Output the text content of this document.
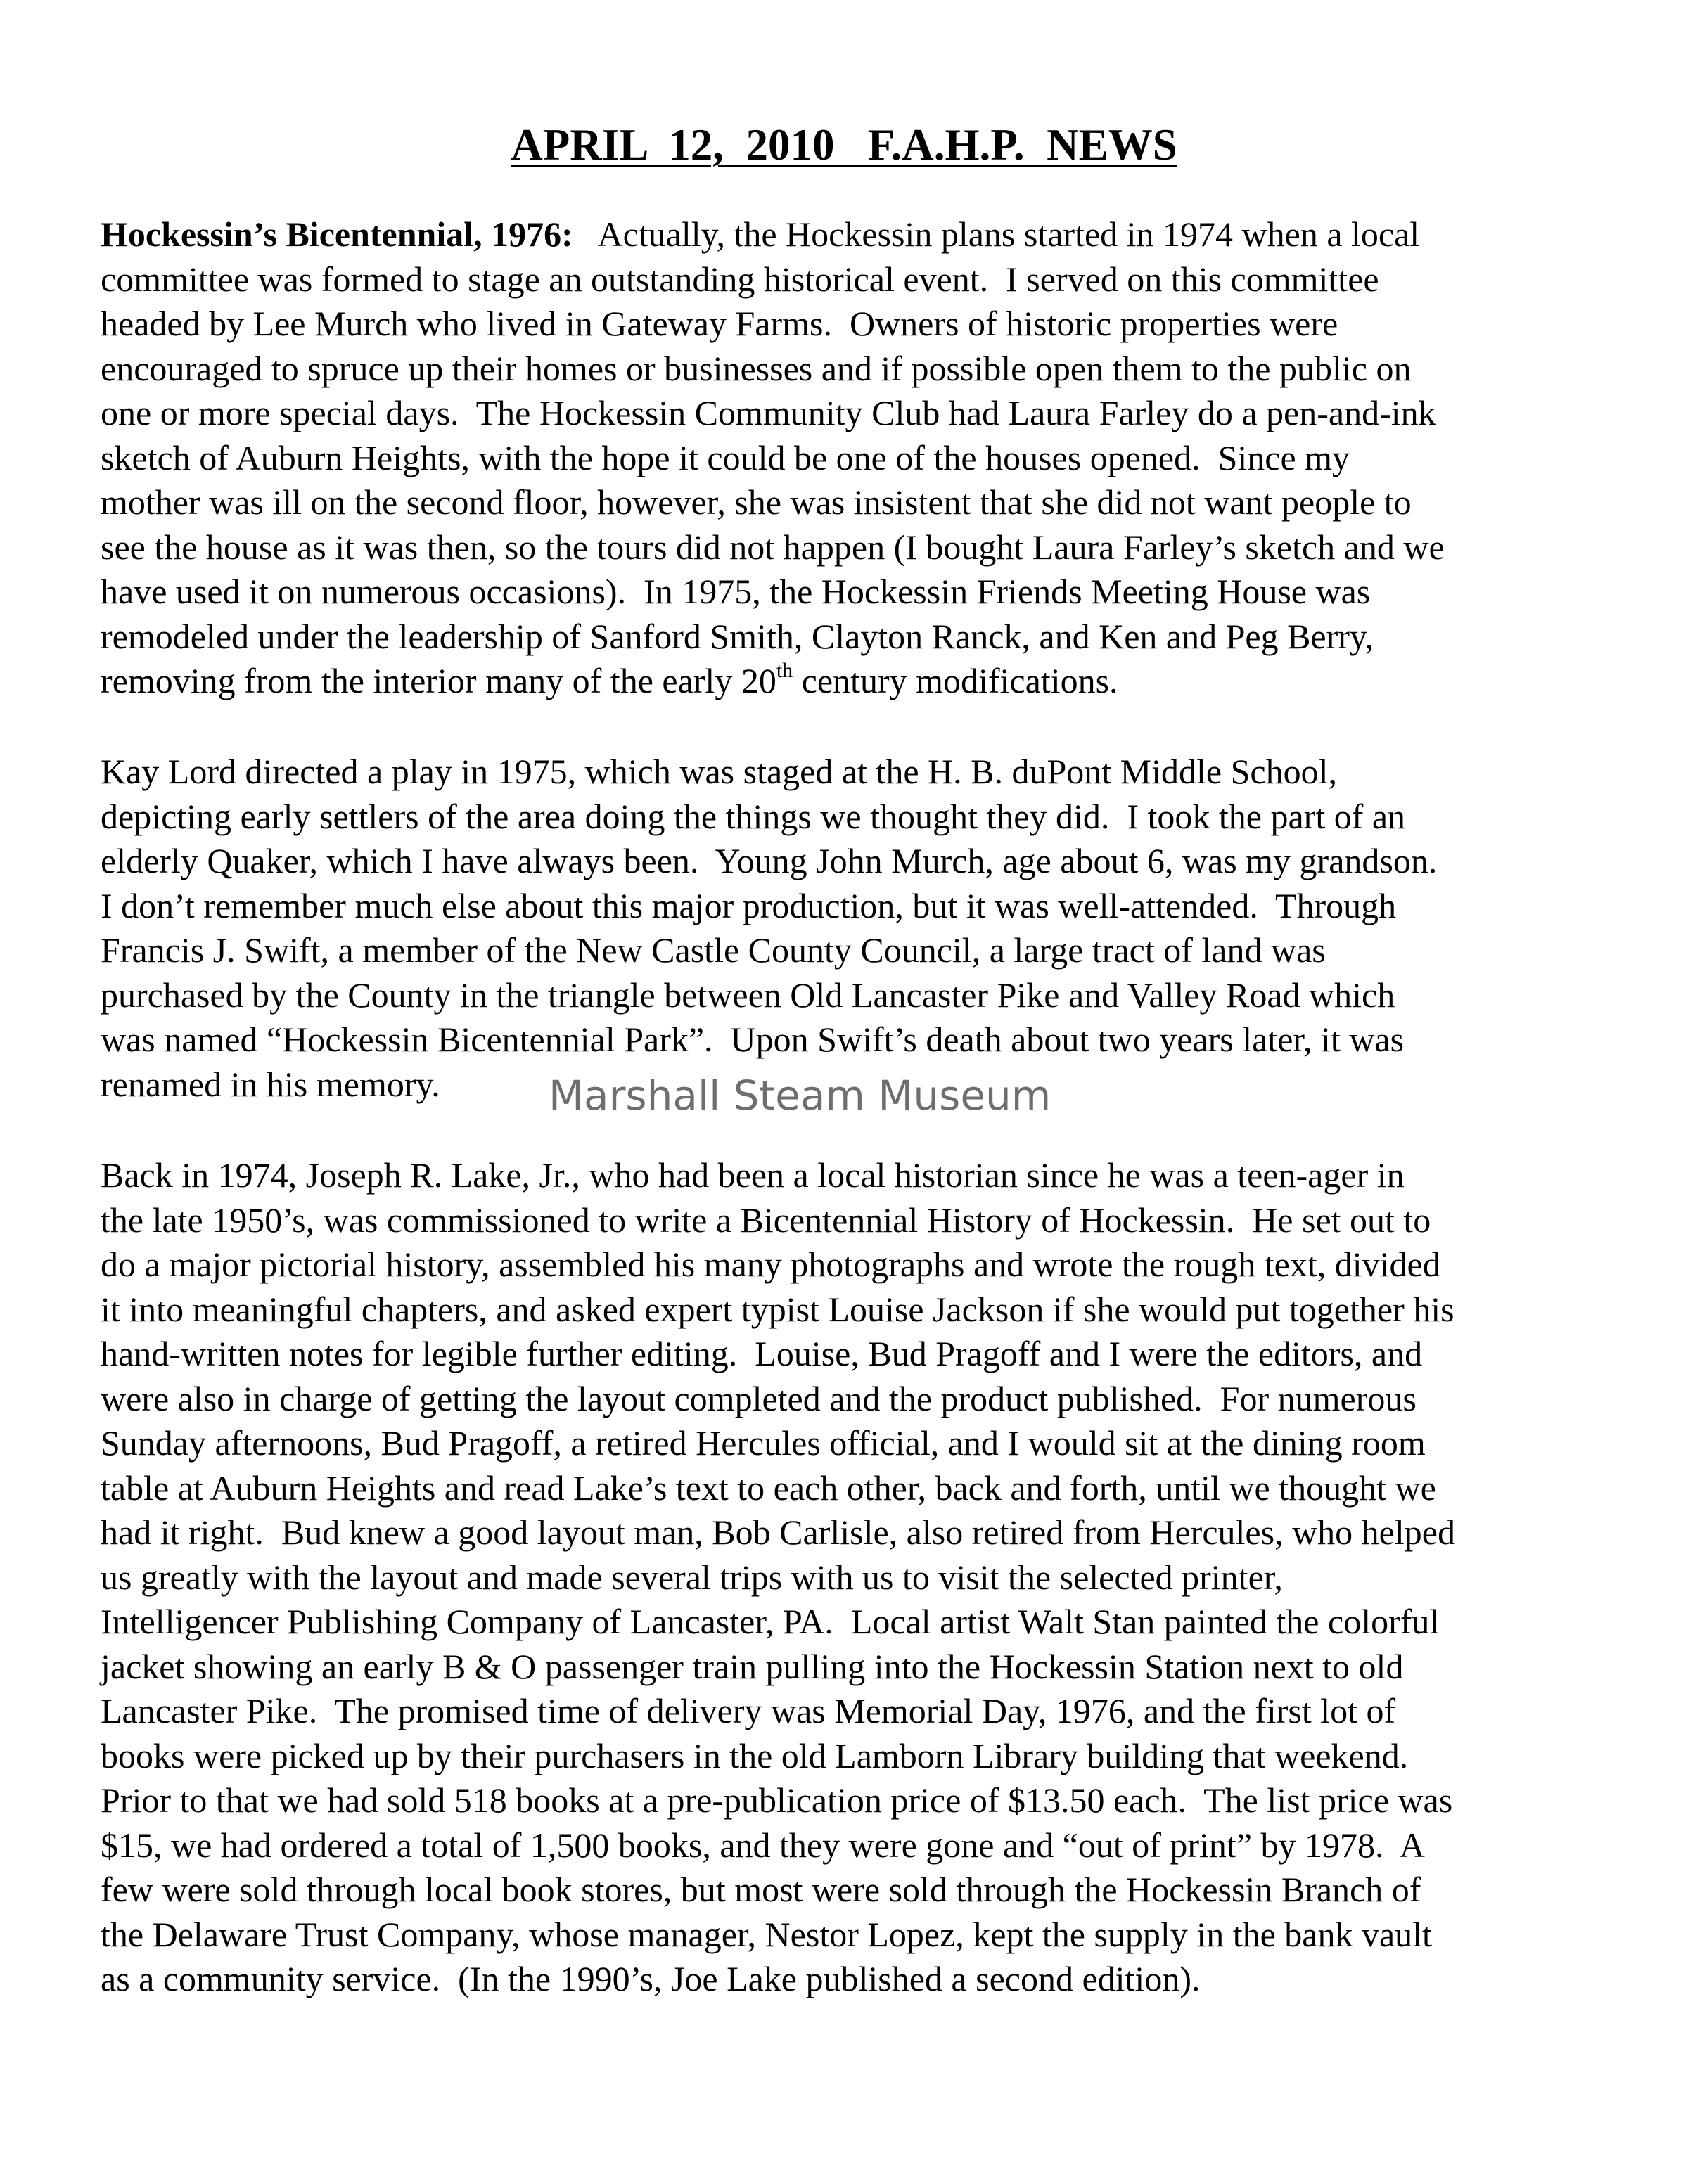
APRIL  12,  2010   F.A.H.P.  NEWS
Hockessin’s Bicentennial, 1976:   Actually, the Hockessin plans started in 1974 when a local
committee was formed to stage an outstanding historical event.  I served on this committee
headed by Lee Murch who lived in Gateway Farms.  Owners of historic properties were
encouraged to spruce up their homes or businesses and if possible open them to the public on
one or more special days.  The Hockessin Community Club had Laura Farley do a pen-and-ink
sketch of Auburn Heights, with the hope it could be one of the houses opened.  Since my
mother was ill on the second floor, however, she was insistent that she did not want people to
see the house as it was then, so the tours did not happen (I bought Laura Farley’s sketch and we
have used it on numerous occasions).  In 1975, the Hockessin Friends Meeting House was
remodeled under the leadership of Sanford Smith, Clayton Ranck, and Ken and Peg Berry,
removing from the interior many of the early 20th century modifications.
Kay Lord directed a play in 1975, which was staged at the H. B. duPont Middle School,
depicting early settlers of the area doing the things we thought they did.  I took the part of an
elderly Quaker, which I have always been.  Young John Murch, age about 6, was my grandson.
I don’t remember much else about this major production, but it was well-attended.  Through
Francis J. Swift, a member of the New Castle County Council, a large tract of land was
purchased by the County in the triangle between Old Lancaster Pike and Valley Road which
was named “Hockessin Bicentennial Park”.  Upon Swift’s death about two years later, it was
renamed in his memory.	Marshall Steam Museum
Back in 1974, Joseph R. Lake, Jr., who had been a local historian since he was a teen-ager in
the late 1950’s, was commissioned to write a Bicentennial History of Hockessin.  He set out to
do a major pictorial history, assembled his many photographs and wrote the rough text, divided
it into meaningful chapters, and asked expert typist Louise Jackson if she would put together his
hand-written notes for legible further editing.  Louise, Bud Pragoff and I were the editors, and
were also in charge of getting the layout completed and the product published.  For numerous
Sunday afternoons, Bud Pragoff, a retired Hercules official, and I would sit at the dining room
table at Auburn Heights and read Lake’s text to each other, back and forth, until we thought we
had it right.  Bud knew a good layout man, Bob Carlisle, also retired from Hercules, who helped
us greatly with the layout and made several trips with us to visit the selected printer,
Intelligencer Publishing Company of Lancaster, PA.  Local artist Walt Stan painted the colorful
jacket showing an early B & O passenger train pulling into the Hockessin Station next to old
Lancaster Pike.  The promised time of delivery was Memorial Day, 1976, and the first lot of
books were picked up by their purchasers in the old Lamborn Library building that weekend.
Prior to that we had sold 518 books at a pre-publication price of $13.50 each.  The list price was
$15, we had ordered a total of 1,500 books, and they were gone and “out of print” by 1978.  A
few were sold through local book stores, but most were sold through the Hockessin Branch of
the Delaware Trust Company, whose manager, Nestor Lopez, kept the supply in the bank vault
as a community service.  (In the 1990’s, Joe Lake published a second edition).
